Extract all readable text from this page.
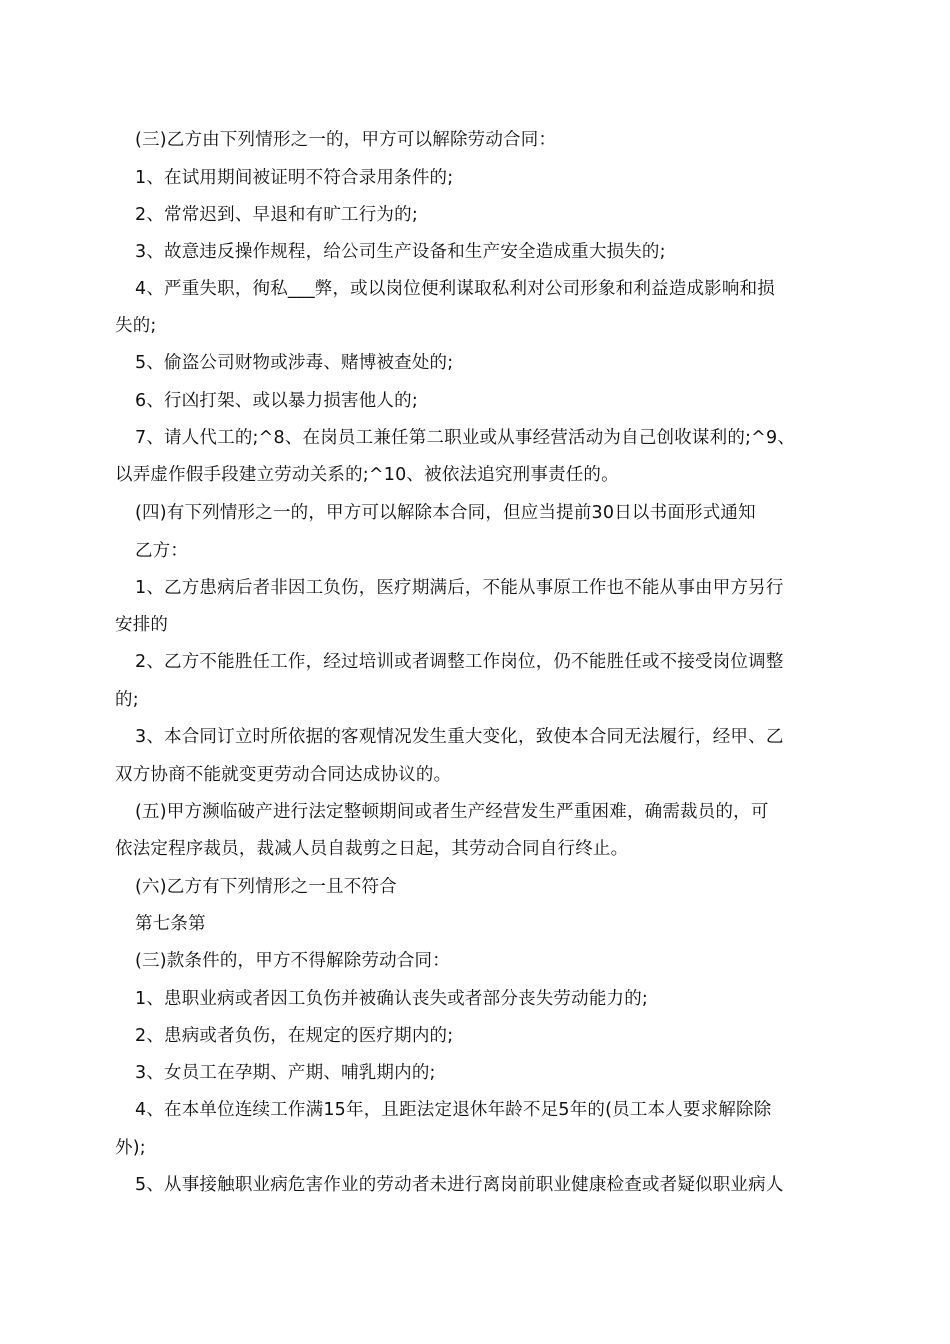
(三)乙方由下列情形之一的，甲方可以解除劳动合同：
1、在试用期间被证明不符合录用条件的;
2、常常迟到、早退和有旷工行为的;
3、故意违反操作规程，给公司生产设备和生产安全造成重大损失的;
4、严重失职，徇私___弊，或以岗位便利谋取私利对公司形象和利益造成影响和损
失的;
5、偷盗公司财物或涉毒、赌博被查处的;
6、行凶打架、或以暴力损害他人的;
7、请人代工的;^8、在岗员工兼任第二职业或从事经营活动为自己创收谋利的;^9、
以弄虚作假手段建立劳动关系的;^10、被依法追究刑事责任的。
(四)有下列情形之一的，甲方可以解除本合同，但应当提前30日以书面形式通知
乙方：
1、乙方患病后者非因工负伤，医疗期满后，不能从事原工作也不能从事由甲方另行
安排的
2、乙方不能胜任工作，经过培训或者调整工作岗位，仍不能胜任或不接受岗位调整
的;
3、本合同订立时所依据的客观情况发生重大变化，致使本合同无法履行，经甲、乙
双方协商不能就变更劳动合同达成协议的。
(五)甲方濒临破产进行法定整顿期间或者生产经营发生严重困难，确需裁员的，可
依法定程序裁员，裁减人员自裁剪之日起，其劳动合同自行终止。
(六)乙方有下列情形之一且不符合
第七条第
(三)款条件的，甲方不得解除劳动合同：
1、患职业病或者因工负伤并被确认丧失或者部分丧失劳动能力的;
2、患病或者负伤，在规定的医疗期内的;
3、女员工在孕期、产期、哺乳期内的;
4、在本单位连续工作满15年，且距法定退休年龄不足5年的(员工本人要求解除除
外);
5、从事接触职业病危害作业的劳动者未进行离岗前职业健康检查或者疑似职业病人
